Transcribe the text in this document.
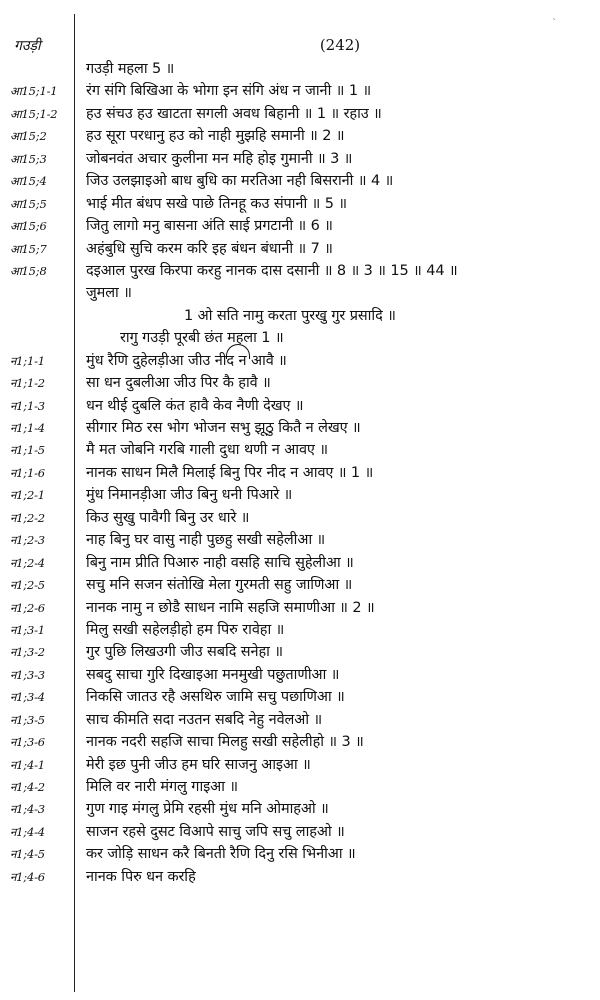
गउड़ी	(242)
`
गउड़ी महला 5 ॥
आ15;1-1	रंग संगि बिखिआ के भोगा इन संगि अंध न जानी ॥ 1 ॥
आ15;1-2	हउ संचउ हउ खाटता सगली अवध बिहानी ॥ 1 ॥ रहाउ ॥
आ15;2	हउ सूरा परधानु हउ को नाही मुझहि समानी ॥ 2 ॥
आ15;3	जोबनवंत अचार कुलीना मन महि होइ गुमानी ॥ 3 ॥
आ15;4	जिउ उलझाइओ बाध बुधि का मरतिआ नही बिसरानी ॥ 4 ॥
आ15;5	भाई मीत बंधप सखे पाछे तिनहू कउ संपानी ॥ 5 ॥
आ15;6	जितु लागो मनु बासना अंति साई प्रगटानी ॥ 6 ॥
आ15;7	अहंबुधि सुचि करम करि इह बंधन बंधानी ॥ 7 ॥
आ15;8	दइआल पुरख किरपा करहु नानक दास दसानी ॥ 8 ॥ 3 ॥ 15 ॥ 44 ॥
जुमला ॥
1 ओ सति नामु करता पुरखु गुर प्रसादि ॥
रागु गउड़ी पूरबी छंत महला 1 ॥
न1;1-1	मुंध रैणि दुहेलड़ीआ जीउ नीद न आवै ॥
न1;1-2	सा धन दुबलीआ जीउ पिर कै हावै ॥
न1;1-3	धन थीई दुबलि कंत हावै केव नैणी देखए ॥
न1;1-4	सीगार मिठ रस भोग भोजन सभु झूठु कितै न लेखए ॥
न1;1-5	मै मत जोबनि गरबि गाली दुधा थणी न आवए ॥
न1;1-6	नानक साधन मिलै मिलाई बिनु पिर नीद न आवए ॥ 1 ॥
न1;2-1	मुंध निमानड़ीआ जीउ बिनु धनी पिआरे ॥
न1;2-2	किउ सुखु पावैगी बिनु उर धारे ॥
न1;2-3	नाह बिनु घर वासु नाही पुछहु सखी सहेलीआ ॥
न1;2-4	बिनु नाम प्रीति पिआरु नाही वसहि साचि सुहेलीआ ॥
न1;2-5	सचु मनि सजन संतोखि मेला गुरमती सहु जाणिआ ॥
न1;2-6	नानक नामु न छोडै साधन नामि सहजि समाणीआ ॥ 2 ॥
न1;3-1	मिलु सखी सहेलड़ीहो हम पिरु रावेहा ॥
न1;3-2	गुर पुछि लिखउगी जीउ सबदि सनेहा ॥
न1;3-3	सबदु साचा गुरि दिखाइआ मनमुखी पछुताणीआ ॥
न1;3-4	निकसि जातउ रहै असथिरु जामि सचु पछाणिआ ॥
न1;3-5	साच कीमति सदा नउतन सबदि नेहु नवेलओ ॥
न1;3-6	नानक नदरी सहजि साचा मिलहु सखी सहेलीहो ॥ 3 ॥
न1;4-1	मेरी इछ पुनी जीउ हम घरि साजनु आइआ ॥
न1;4-2	मिलि वर नारी मंगलु गाइआ ॥
न1;4-3	गुण गाइ मंगलु प्रेमि रहसी मुंध मनि ओमाहओ ॥
न1;4-4	साजन रहसे दुसट विआपे साचु जपि सचु लाहओ ॥
न1;4-5	कर जोड़ि साधन करै बिनती रैणि दिनु रसि भिनीआ ॥
न1;4-6	नानक पिरु धन करहि
